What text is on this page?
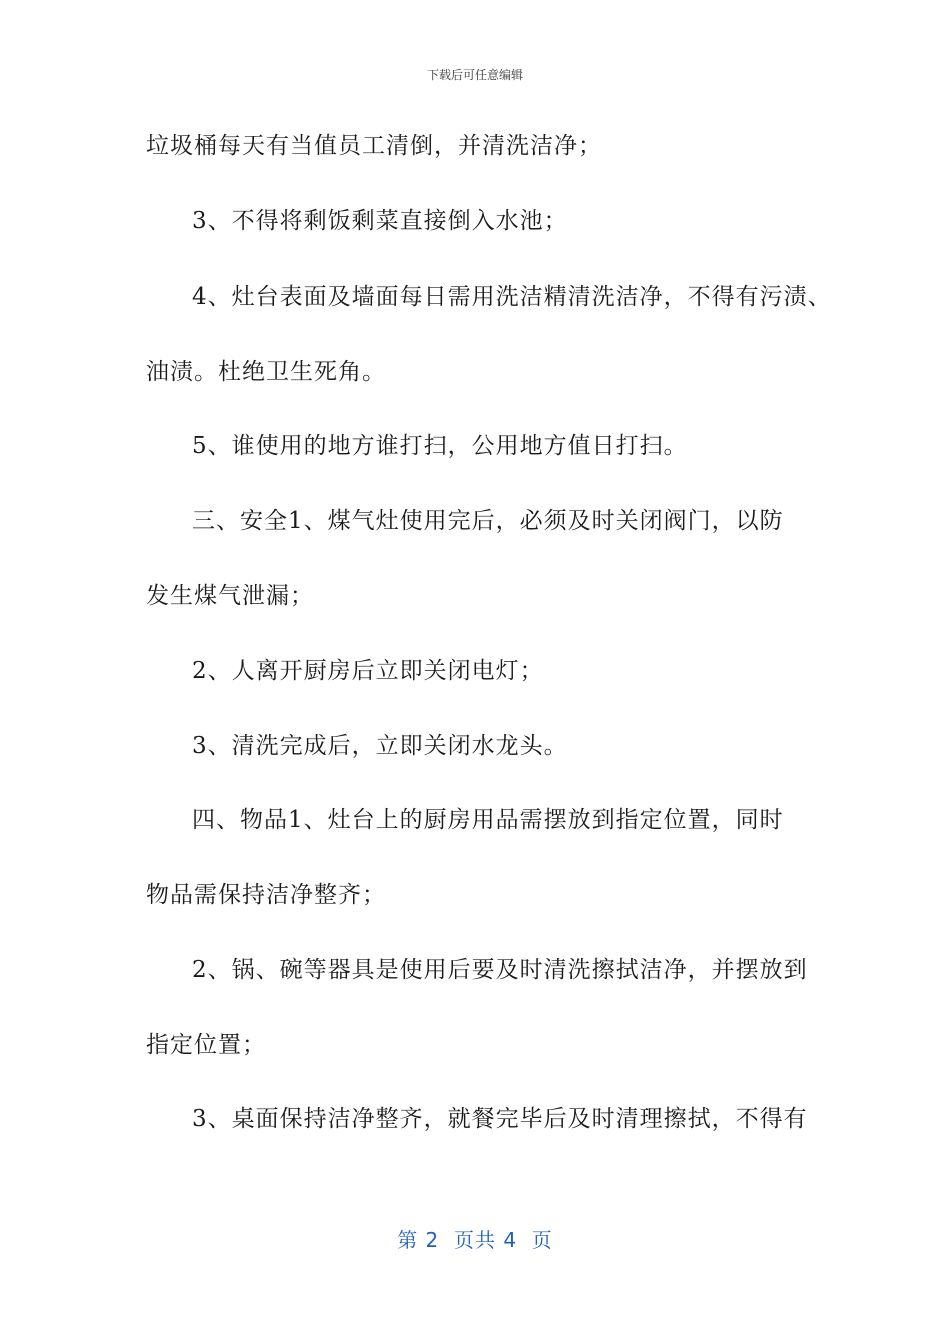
下载后可任意编辑

垃圾桶每天有当值员工清倒，并清洗洁净；

3、不得将剩饭剩菜直接倒入水池；

4、灶台表面及墙面每日需用洗洁精清洗洁净，不得有污渍、

油渍。杜绝卫生死角。

5、谁使用的地方谁打扫，公用地方值日打扫。

三、安全1、煤气灶使用完后，必须及时关闭阀门，以防

发生煤气泄漏；

2、人离开厨房后立即关闭电灯；

3、清洗完成后，立即关闭水龙头。

四、物品1、灶台上的厨房用品需摆放到指定位置，同时

物品需保持洁净整齐；

2、锅、碗等器具是使用后要及时清洗擦拭洁净，并摆放到

指定位置；

3、桌面保持洁净整齐，就餐完毕后及时清理擦拭，不得有

第 2  页共 4  页
